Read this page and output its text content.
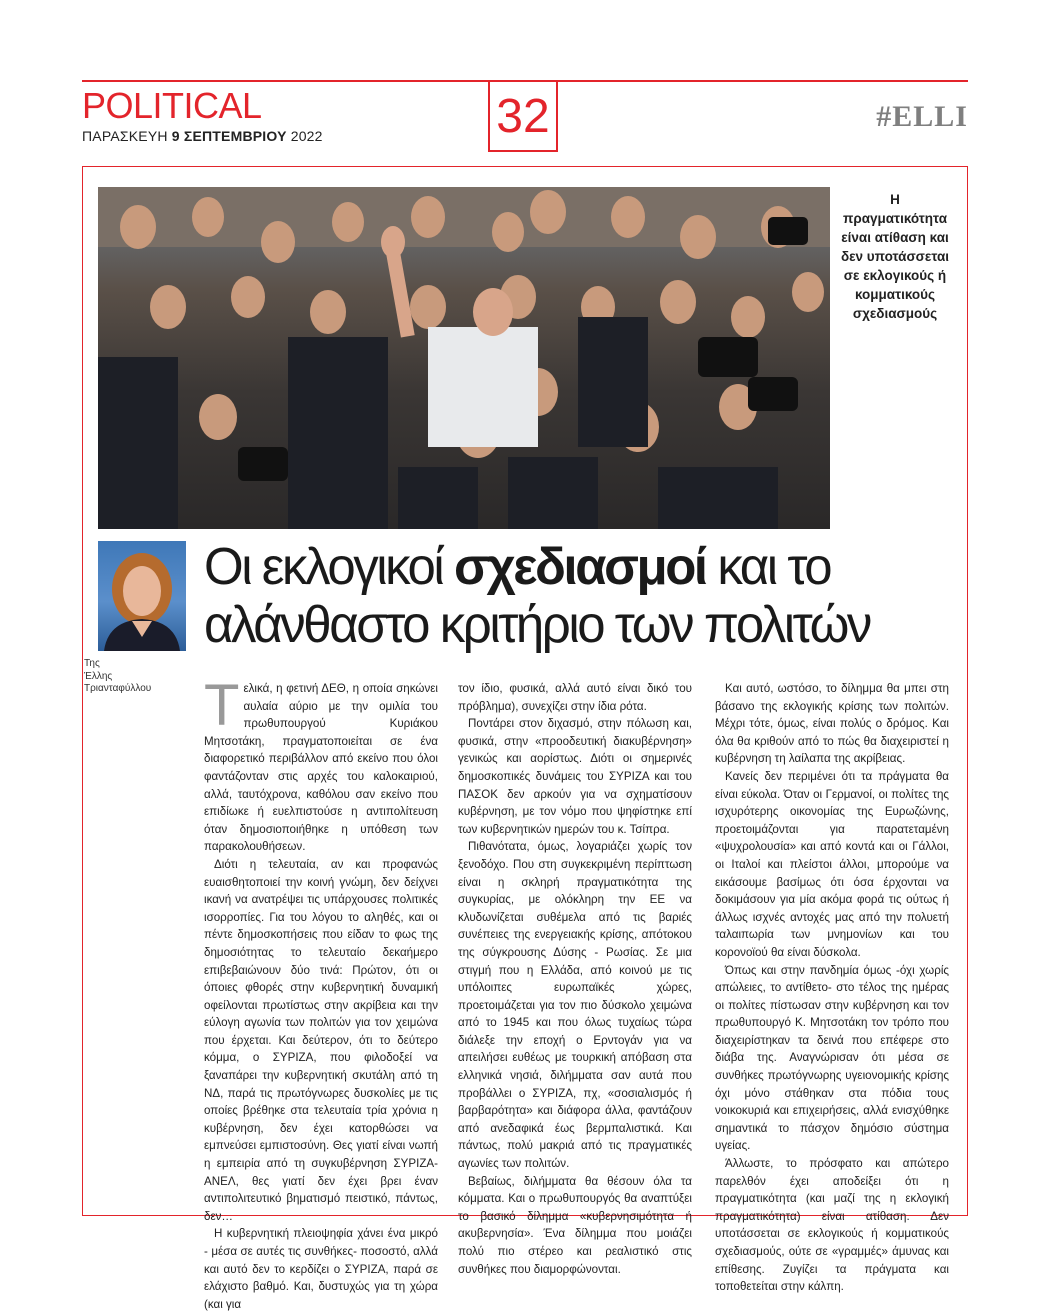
POLITICAL
ΠΑΡΑΣΚΕΥΗ 9 ΣΕΠΤΕΜΒΡΙΟΥ 2022	32	#ELLI
Η πραγματικότητα είναι ατίθαση και δεν υποτάσσεται σε εκλογικούς ή κομματικούς σχεδιασμούς
Της
Έλλης
Τριανταφύλλου
Οι εκλογικοί σχεδιασμοί και το αλάνθαστο κριτήριο των πολιτών

Τελικά, η φετινή ΔΕΘ, η οποία σηκώνει αυλαία αύριο με την ομιλία του πρωθυπουργού Κυριάκου Μητσοτάκη, πραγματοποιείται σε ένα διαφορετικό περιβάλλον από εκείνο που όλοι φαντάζονταν στις αρχές του καλοκαιριού, αλλά, ταυτόχρονα, καθόλου σαν εκείνο που επιδίωκε ή ευελπιστούσε η αντιπολίτευση όταν δημοσιοποιήθηκε η υπόθεση των παρακολουθήσεων.

Διότι η τελευταία, αν και προφανώς ευαισθητοποιεί την κοινή γνώμη, δεν δείχνει ικανή να ανατρέψει τις υπάρχουσες πολιτικές ισορροπίες. Για του λόγου το αληθές, και οι πέντε δημοσκοπήσεις που είδαν το φως της δημοσιότητας το τελευταίο δεκαήμερο επιβεβαιώνουν δύο τινά: Πρώτον, ότι οι όποιες φθορές στην κυβερνητική δυναμική οφείλονται πρωτίστως στην ακρίβεια και την εύλογη αγωνία των πολιτών για τον χειμώνα που έρχεται. Και δεύτερον, ότι το δεύτερο κόμμα, ο ΣΥΡΙΖΑ, που φιλοδοξεί να ξαναπάρει την κυβερνητική σκυτάλη από τη ΝΔ, παρά τις πρωτόγνωρες δυσκολίες με τις οποίες βρέθηκε στα τελευταία τρία χρόνια η κυβέρνηση, δεν έχει κατορθώσει να εμπνεύσει εμπιστοσύνη. Θες γιατί είναι νωπή η εμπειρία από τη συγκυβέρνηση ΣΥΡΙΖΑ-ΑΝΕΛ, θες γιατί δεν έχει βρει έναν αντιπολιτευτικό βηματισμό πειστικό, πάντως, δεν…

Η κυβερνητική πλειοψηφία χάνει ένα μικρό - μέσα σε αυτές τις συνθήκες- ποσοστό, αλλά και αυτό δεν το κερδίζει ο ΣΥΡΙΖΑ, παρά σε ελάχιστο βαθμό. Και, δυστυχώς για τη χώρα (και για

τον ίδιο, φυσικά, αλλά αυτό είναι δικό του πρόβλημα), συνεχίζει στην ίδια ρότα.

Ποντάρει στον διχασμό, στην πόλωση και, φυσικά, στην «προοδευτική διακυβέρνηση» γενικώς και αορίστως. Διότι οι σημερινές δημοσκοπικές δυνάμεις του ΣΥΡΙΖΑ και του ΠΑΣΟΚ δεν αρκούν για να σχηματίσουν κυβέρνηση, με τον νόμο που ψηφίστηκε επί των κυβερνητικών ημερών του κ. Τσίπρα.

Πιθανότατα, όμως, λογαριάζει χωρίς τον ξενοδόχο. Που στη συγκεκριμένη περίπτωση είναι η σκληρή πραγματικότητα της συγκυρίας, με ολόκληρη την ΕΕ να κλυδωνίζεται συθέμελα από τις βαριές συνέπειες της ενεργειακής κρίσης, απότοκου της σύγκρουσης Δύσης - Ρωσίας. Σε μια στιγμή που η Ελλάδα, από κοινού με τις υπόλοιπες ευρωπαϊκές χώρες, προετοιμάζεται για τον πιο δύσκολο χειμώνα από το 1945 και που όλως τυχαίως τώρα διάλεξε την εποχή ο Ερντογάν για να απειλήσει ευθέως με τουρκική απόβαση στα ελληνικά νησιά, διλήμματα σαν αυτά που προβάλλει ο ΣΥΡΙΖΑ, πχ, «σοσιαλισμός ή βαρβαρότητα» και διάφορα άλλα, φαντάζουν από ανεδαφικά έως βερμπαλιστικά. Και πάντως, πολύ μακριά από τις πραγματικές αγωνίες των πολιτών.

Βεβαίως, διλήμματα θα θέσουν όλα τα κόμματα. Και ο πρωθυπουργός θα αναπτύξει το βασικό δίλημμα «κυβερνησιμότητα ή ακυβερνησία». Ένα δίλημμα που μοιάζει πολύ πιο στέρεο και ρεαλιστικό στις συνθήκες που διαμορφώνονται.

Και αυτό, ωστόσο, το δίλημμα θα μπει στη βάσανο της εκλογικής κρίσης των πολιτών. Μέχρι τότε, όμως, είναι πολύς ο δρόμος. Και όλα θα κριθούν από το πώς θα διαχειριστεί η κυβέρνηση τη λαίλαπα της ακρίβειας.

Κανείς δεν περιμένει ότι τα πράγματα θα είναι εύκολα. Όταν οι Γερμανοί, οι πολίτες της ισχυρότερης οικονομίας της Ευρωζώνης, προετοιμάζονται για παρατεταμένη «ψυχρολουσία» και από κοντά και οι Γάλλοι, οι Ιταλοί και πλείστοι άλλοι, μπορούμε να εικάσουμε βασίμως ότι όσα έρχονται να δοκιμάσουν για μία ακόμα φορά τις ούτως ή άλλως ισχνές αντοχές μας από την πολυετή ταλαιπωρία των μνημονίων και του κορονοϊού θα είναι δύσκολα.

Όπως και στην πανδημία όμως -όχι χωρίς απώλειες, το αντίθετο- στο τέλος της ημέρας οι πολίτες πίστωσαν στην κυβέρνηση και τον πρωθυπουργό Κ. Μητσοτάκη τον τρόπο που διαχειρίστηκαν τα δεινά που επέφερε στο διάβα της. Αναγνώρισαν ότι μέσα σε συνθήκες πρωτόγνωρης υγειονομικής κρίσης όχι μόνο στάθηκαν στα πόδια τους νοικοκυριά και επιχειρήσεις, αλλά ενισχύθηκε σημαντικά το πάσχον δημόσιο σύστημα υγείας.

Άλλωστε, το πρόσφατο και απώτερο παρελθόν έχει αποδείξει ότι η πραγματικότητα (και μαζί της η εκλογική πραγματικότητα) είναι ατίθαση. Δεν υποτάσσεται σε εκλογικούς ή κομματικούς σχεδιασμούς, ούτε σε «γραμμές» άμυνας και επίθεσης. Ζυγίζει τα πράγματα και τοποθετείται στην κάλπη.
